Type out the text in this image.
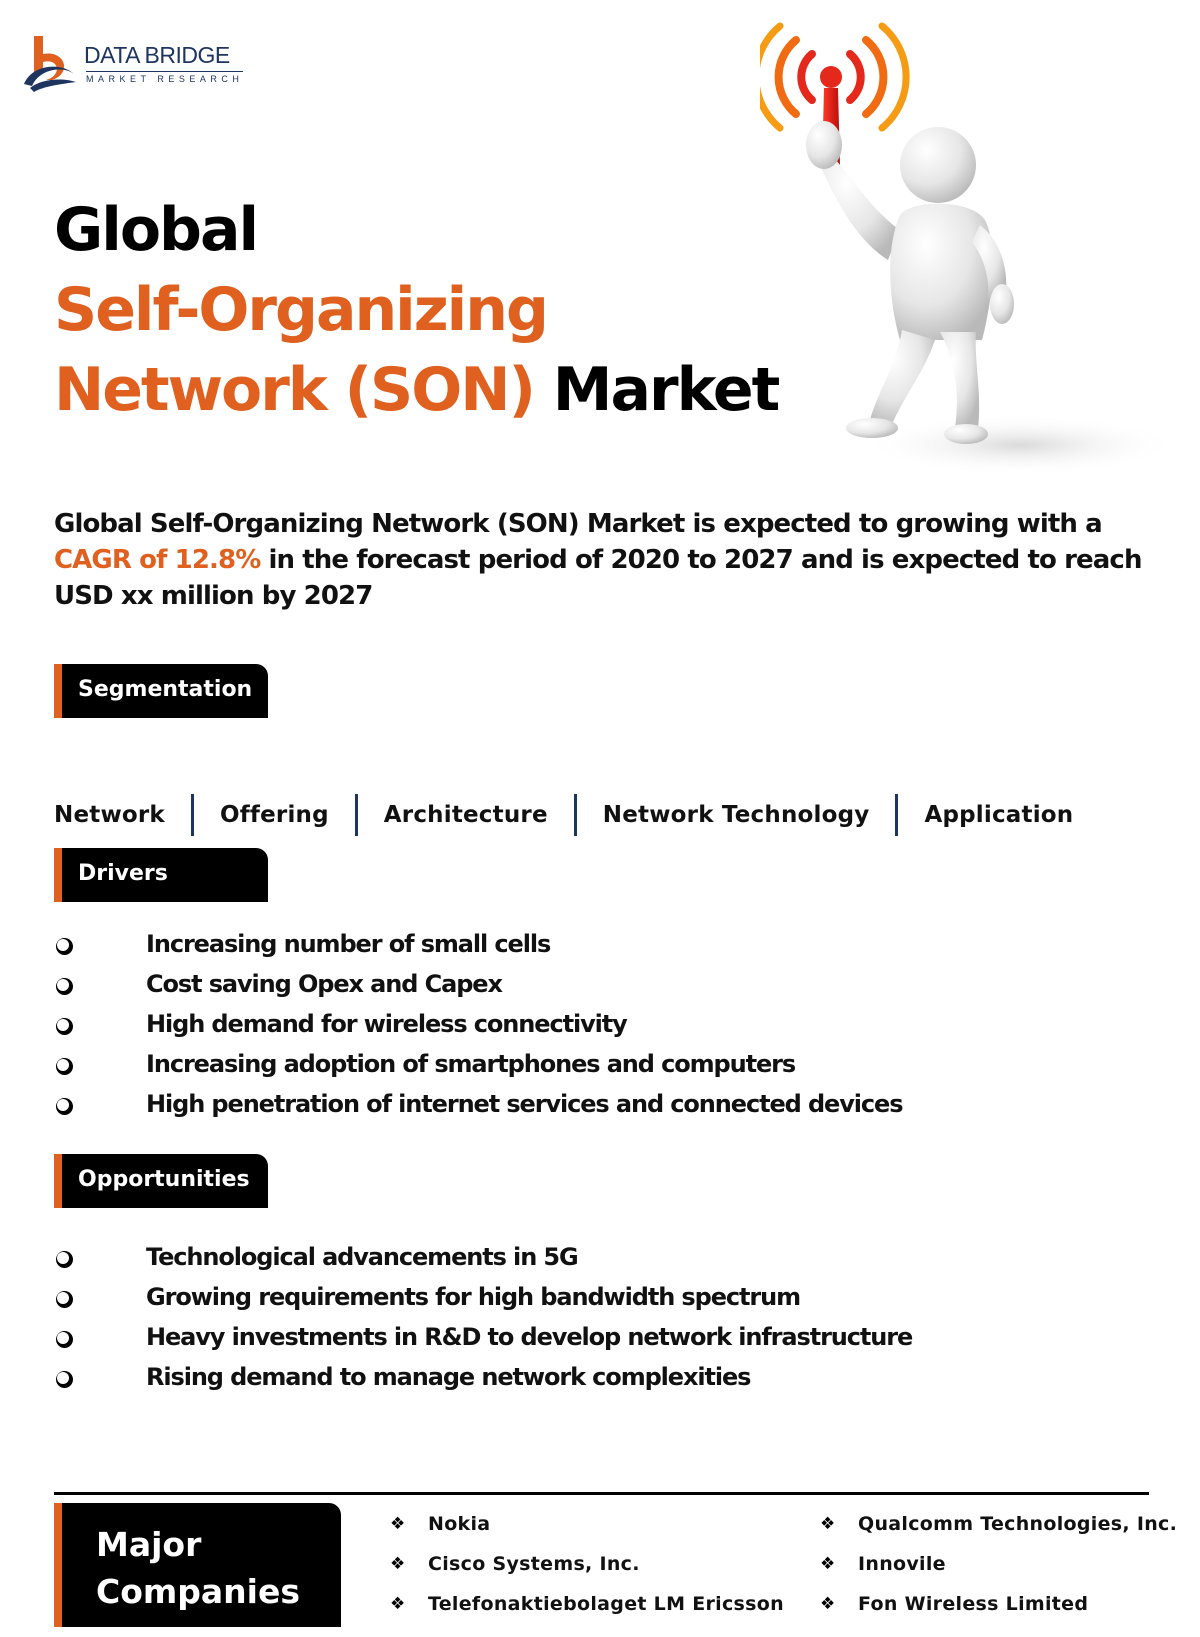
DATA BRIDGE
MARKET RESEARCH
Global
Self-Organizing
Network (SON) Market

Global Self-Organizing Network (SON) Market is expected to growing with a CAGR of 12.8% in the forecast period of 2020 to 2027 and is expected to reach USD xx million by 2027

Segmentation
Network Offering Architecture Network Technology Application
Drivers
Increasing number of small cells
Cost saving Opex and Capex
High demand for wireless connectivity
Increasing adoption of smartphones and computers
High penetration of internet services and connected devices
Opportunities
Technological advancements in 5G
Growing requirements for high bandwidth spectrum
Heavy investments in R&D to develop network infrastructure
Rising demand to manage network complexities
Major
Companies
❖ Nokia
❖ Cisco Systems, Inc.
❖ Telefonaktiebolaget LM Ericsson
❖ Qualcomm Technologies, Inc.
❖ Innovile
❖ Fon Wireless Limited
